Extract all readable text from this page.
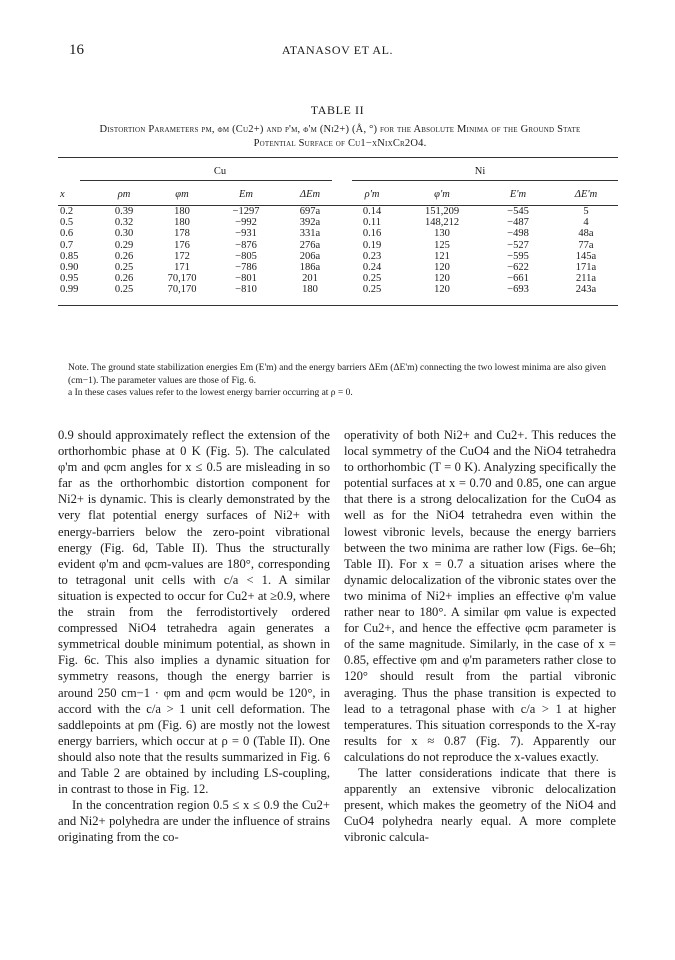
16	ATANASOV ET AL.
TABLE II
Distortion Parameters ρm, φm (Cu2+) and ρ'm, φ'm (Ni2+) (Å, °) for the Absolute Minima of the Ground State Potential Surface of Cu1−xNixCr2O4.
	Cu				Ni			
x	ρm	φm	Em	ΔEm	ρ'm	φ'm	E'm	ΔE'm
0.2	0.39	180	−1297	697a	0.14	151,209	−545	5
0.5	0.32	180	−992	392a	0.11	148,212	−487	4
0.6	0.30	178	−931	331a	0.16	130	−498	48a
0.7	0.29	176	−876	276a	0.19	125	−527	77a
0.85	0.26	172	−805	206a	0.23	121	−595	145a
0.90	0.25	171	−786	186a	0.24	120	−622	171a
0.95	0.26	70,170	−801	201	0.25	120	−661	211a
0.99	0.25	70,170	−810	180	0.25	120	−693	243a

Note. The ground state stabilization energies Em (E'm) and the energy barriers ΔEm (ΔE'm) connecting the two lowest minima are also given (cm−1). The parameter values are those of Fig. 6.

a In these cases values refer to the lowest energy barrier occurring at ρ = 0.

0.9 should approximately reflect the extension of the orthorhombic phase at 0 K (Fig. 5). The calculated φ'm and φcm angles for x ≤ 0.5 are misleading in so far as the orthorhombic distortion component for Ni2+ is dynamic. This is clearly demonstrated by the very flat potential energy surfaces of Ni2+ with energy-barriers below the zero-point vibrational energy (Fig. 6d, Table II). Thus the structurally evident φ'm and φcm-values are 180°, corresponding to tetragonal unit cells with c/a < 1. A similar situation is expected to occur for Cu2+ at ≥0.9, where the strain from the ferrodistortively ordered compressed NiO4 tetrahedra again generates a symmetrical double minimum potential, as shown in Fig. 6c. This also implies a dynamic situation for symmetry reasons, though the energy barrier is around 250 cm−1 · φm and φcm would be 120°, in accord with the c/a > 1 unit cell deformation. The saddlepoints at ρm (Fig. 6) are mostly not the lowest energy barriers, which occur at ρ = 0 (Table II). One should also note that the results summarized in Fig. 6 and Table 2 are obtained by including LS-coupling, in contrast to those in Fig. 12.

In the concentration region 0.5 ≤ x ≤ 0.9 the Cu2+ and Ni2+ polyhedra are under the influence of strains originating from the co-

operativity of both Ni2+ and Cu2+. This reduces the local symmetry of the CuO4 and the NiO4 tetrahedra to orthorhombic (T = 0 K). Analyzing specifically the potential surfaces at x = 0.70 and 0.85, one can argue that there is a strong delocalization for the CuO4 as well as for the NiO4 tetrahedra even within the lowest vibronic levels, because the energy barriers between the two minima are rather low (Figs. 6e–6h; Table II). For x = 0.7 a situation arises where the dynamic delocalization of the vibronic states over the two minima of Ni2+ implies an effective φ'm value rather near to 180°. A similar φm value is expected for Cu2+, and hence the effective φcm parameter is of the same magnitude. Similarly, in the case of x = 0.85, effective φm and φ'm parameters rather close to 120° should result from the partial vibronic averaging. Thus the phase transition is expected to lead to a tetragonal phase with c/a > 1 at higher temperatures. This situation corresponds to the X-ray results for x ≈ 0.87 (Fig. 7). Apparently our calculations do not reproduce the x-values exactly.

The latter considerations indicate that there is apparently an extensive vibronic delocalization present, which makes the geometry of the NiO4 and CuO4 polyhedra nearly equal. A more complete vibronic calcula-
